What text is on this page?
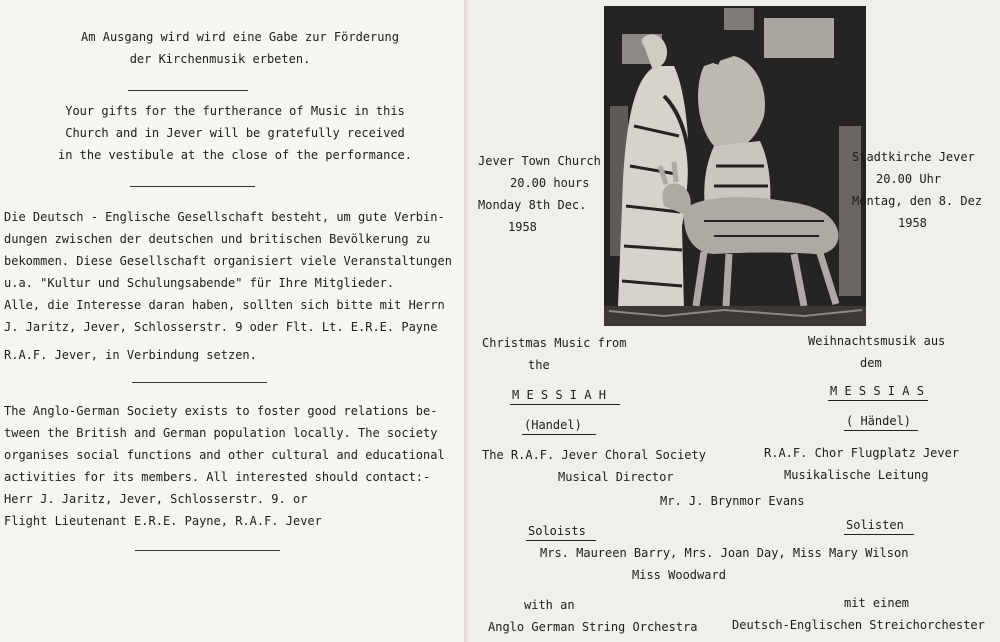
Am Ausgang wird wird eine Gabe zur Förderung
der Kirchenmusik erbeten.
Your gifts for the furtherance of Music in this
Church and in Jever will be gratefully received
in the vestibule at the close of the performance.
Die Deutsch - Englische Gesellschaft besteht, um gute Verbin-
dungen zwischen der deutschen und britischen Bevölkerung zu
bekommen. Diese Gesellschaft organisiert viele Veranstaltungen
u.a. "Kultur und Schulungsabende" für Ihre Mitglieder.
Alle, die Interesse daran haben, sollten sich bitte mit Herrn
J. Jaritz, Jever, Schlosserstr. 9 oder Flt. Lt. E.R.E. Payne
R.A.F. Jever, in Verbindung setzen.
The Anglo-German Society exists to foster good relations be-
tween the British and German population locally. The society
organises social functions and other cultural and educational
activities for its members. All interested should contact:-
Herr J. Jaritz, Jever, Schlosserstr. 9. or
Flight Lieutenant E.R.E. Payne, R.A.F. Jever
Jever Town Church
20.00 hours
Monday 8th Dec.
1958
Stadtkirche Jever
20.00 Uhr
Montag, den 8. Dez
1958
Christmas Music from
the
M E S S I A H
(Handel)
Weihnachtsmusik aus
dem
M E S S I A S
( Händel)
The R.A.F. Jever Choral Society
Musical Director
R.A.F. Chor Flugplatz Jever
Musikalische Leitung
Mr. J. Brynmor Evans
Soloists	Solisten
Mrs. Maureen Barry, Mrs. Joan Day, Miss Mary Wilson
Miss Woodward
with an
Anglo German String Orchestra
mit einem
Deutsch-Englischen Streichorchester
